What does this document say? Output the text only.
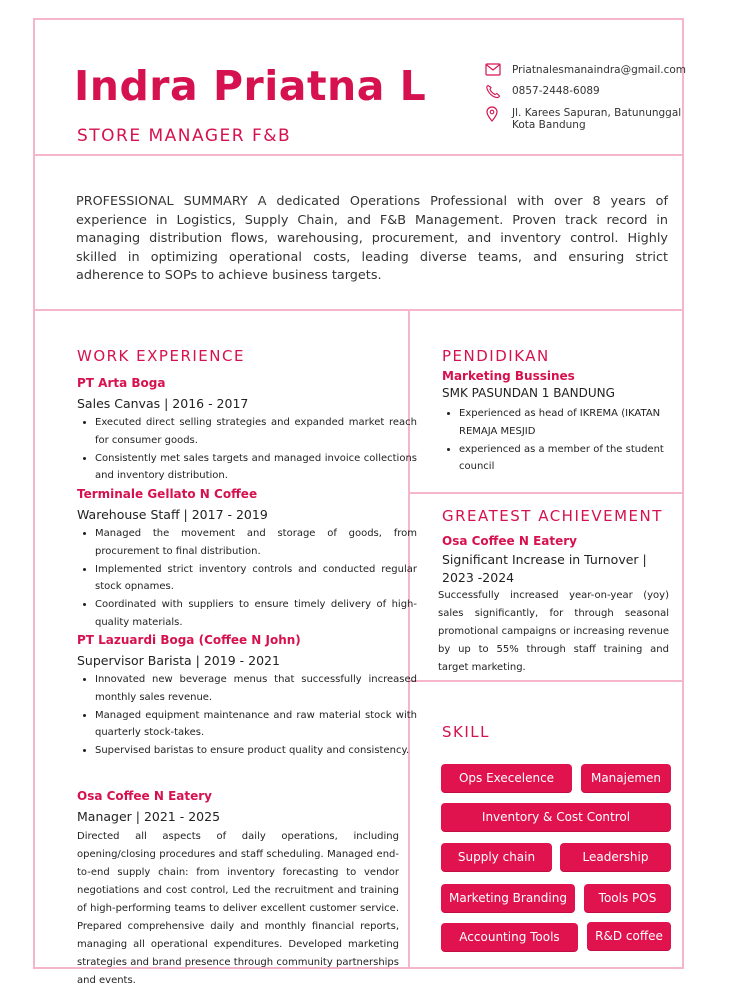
Indra Priatna L
STORE MANAGER F&B
Priatnalesmanaindra@gmail.com
0857-2448-6089
Jl. Karees Sapuran, Batununggal
Kota Bandung
PROFESSIONAL SUMMARY A dedicated Operations Professional with over 8 years of experience in Logistics, Supply Chain, and F&B Management. Proven track record in managing distribution flows, warehousing, procurement, and inventory control. Highly skilled in optimizing operational costs, leading diverse teams, and ensuring strict adherence to SOPs to achieve business targets.
WORK EXPERIENCE
PT Arta Boga
Sales Canvas | 2016 - 2017
• Executed direct selling strategies and expanded market reach for consumer goods.
• Consistently met sales targets and managed invoice collections and inventory distribution.
Terminale Gellato N Coffee
Warehouse Staff | 2017 - 2019
• Managed the movement and storage of goods, from procurement to final distribution.
• Implemented strict inventory controls and conducted regular stock opnames.
• Coordinated with suppliers to ensure timely delivery of high-quality materials.
PT Lazuardi Boga (Coffee N John)
Supervisor Barista | 2019 - 2021
• Innovated new beverage menus that successfully increased monthly sales revenue.
• Managed equipment maintenance and raw material stock with quarterly stock-takes.
• Supervised baristas to ensure product quality and consistency.
Osa Coffee N Eatery
Manager | 2021 - 2025
Directed all aspects of daily operations, including opening/closing procedures and staff scheduling. Managed end-to-end supply chain: from inventory forecasting to vendor negotiations and cost control, Led the recruitment and training of high-performing teams to deliver excellent customer service. Prepared comprehensive daily and monthly financial reports, managing all operational expenditures. Developed marketing strategies and brand presence through community partnerships and events.
PENDIDIKAN
Marketing Bussines
SMK PASUNDAN 1 BANDUNG
• Experienced as head of IKREMA (IKATAN REMAJA MESJID
• experienced as a member of the student council
GREATEST ACHIEVEMENT
Osa Coffee N Eatery
Significant Increase in Turnover | 2023 -2024
Successfully increased year-on-year (yoy) sales significantly, for through seasonal promotional campaigns or increasing revenue by up to 55% through staff training and target marketing.
SKILL
Ops Execelence	Manajemen
Inventory & Cost Control
Supply chain	Leadership
Marketing Branding	Tools POS
Accounting Tools	R&D coffee
